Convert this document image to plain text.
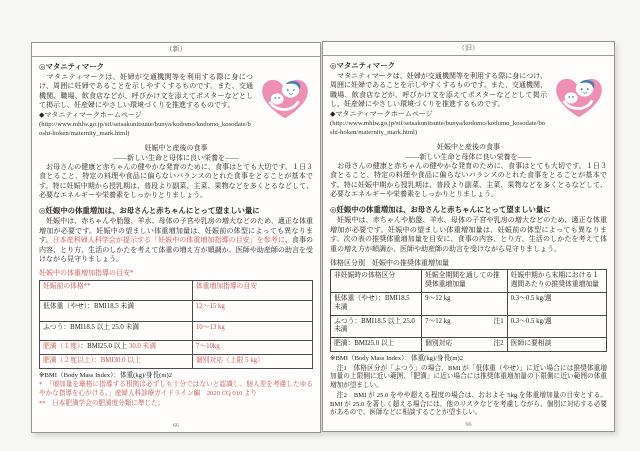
（新）
◎マタニティマーク

　マタニティマークは、妊婦が交通機関等を利用する際に身につけ、周囲に妊婦であることを示しやすくするものです。また、交通機関、職場、飲食店などが、呼びかけ文を添えてポスターなどとして掲示し、妊産婦にやさしい環境づくりを推進するものです。

◆マタニティマークホームページ

(http://www.mhlw.go.jp/stf/seisakunitsuite/bunya/kodomo/kodomo_kosodate/boshi-hoken/maternity_mark.html)

妊娠中と産後の食事

――新しい生命と母体に良い栄養を――

　お母さんの健康と赤ちゃんの健やかな発育のために、食事はとても大切です。１日３食とること、特定の料理や食品に偏らないバランスのとれた食事をとることが基本です。特に妊娠中期から授乳期は、普段より副菜、主菜、果物などを多くとるなどして、必要なエネルギーや栄養素をしっかりとりましょう。

◎妊娠中の体重増加は、お母さんと赤ちゃんにとって望ましい量に

　妊娠中は、赤ちゃんや胎盤、羊水、母体の子宮や乳房の増大などのため、適正な体重増加が必要です。妊娠中の望ましい体重増加量は、妊娠前の体型によっても異なります。日本産科婦人科学会が提示する「妊娠中の体重増加指導の目安」を参考に、食事の内容、とり方、生活のしかたを考えて体重の増え方が順調か、医師や助産師の助言を受けながら見守りましょう。

妊娠中の体重増加指導の目安*

妊娠前の体格**	体重増加指導の目安
低体重（やせ）：BMI18.5 未満	12〜15 kg
ふつう：BMI18.5 以上 25.0 未満	10〜13 kg
肥満（１度）：BMI25.0 以上 30.0 未満	7〜10kg
肥満（２度以上）：BMI30.0 以上	個別対応（上限 5 kg）

※BMI（Body Mass Index）：体重(kg)/身長(m)2

*　「増加量を厳格に指導する根拠は必ずしも十分ではないと認識し、個人差を考慮したゆるやかな指導を心がける。」産婦人科診療ガイドライン編　2020 CQ 010 より

**　日本肥満学会の肥満度分類に準じた。

66
（旧）
◎マタニティマーク

　マタニティマークは、妊婦が交通機関等を利用する際に身につけ、周囲に妊婦であることを示しやすくするものです。また、交通機関、職場、飲食店などが、呼びかけ文を添えてポスターなどとして掲示し、妊産婦にやさしい環境づくりを推進するものです。

◆マタニティマークホームページ

(http://www.mhlw.go.jp/stf/seisakunitsuite/bunya/kodomo/kodomo_kosodate/boshi-hoken/maternity_mark.html)

妊娠中と産後の食事

――新しい生命と母体に良い栄養を――

　お母さんの健康と赤ちゃんの健やかな発育のために、食事はとても大切です。１日３食とること、特定の料理や食品に偏らないバランスのとれた食事をとることが基本です。特に妊娠中期から授乳期は、普段より副菜、主菜、果物などを多くとるなどして、必要なエネルギーや栄養素をしっかりとりましょう。

◎妊娠中の体重増加は、お母さんと赤ちゃんにとって望ましい量に

　妊娠中は、赤ちゃんや胎盤、羊水、母体の子宮や乳房の増大などのため、適正な体重増加が必要です。妊娠中の望ましい体重増加量は、妊娠前の体型によっても異なります。次の表の推奨体重増加量を目安に、食事の内容、とり方、生活のしかたを考えて体重の増え方が順調か、医師や助産師の助言を受けながら見守りましょう。

体格区分別　妊娠中の推奨体重増加量

非妊娠時の体格区分	妊娠全期間を通しての推奨体重増加量	妊娠中期から末期における１週間あたりの推奨体重増加量
低体重（やせ）：BMI18.5 未満	9〜12 kg	0.3〜0.5 kg/週
ふつう：BMI18.5 以上 25.0 未満	7〜12 kg 注1	0.3〜0.5 kg/週
肥満：BMI25.0 以上	個別対応 注2	医師に要相談

※BMI（Body Mass Index）：体重(kg)/身長(m)2

　注1　体格区分が「ふつう」の場合、BMI が「低体重（やせ）」に近い場合には推奨体重増加量の上限側に近い範囲、「肥満」に近い場合には推奨体重増加量の下限側に近い範囲の体重増加が望ましい。

　注2　BMI が 25.0 をやや超える程度の場合は、おおよそ 5kg を体重増加量の目安とする。BMI が 25.0 を著しく超える場合には、他のリスクなどを考慮しながら、個別に対応する必要があるので、医師などに相談することが望ましい。

66
